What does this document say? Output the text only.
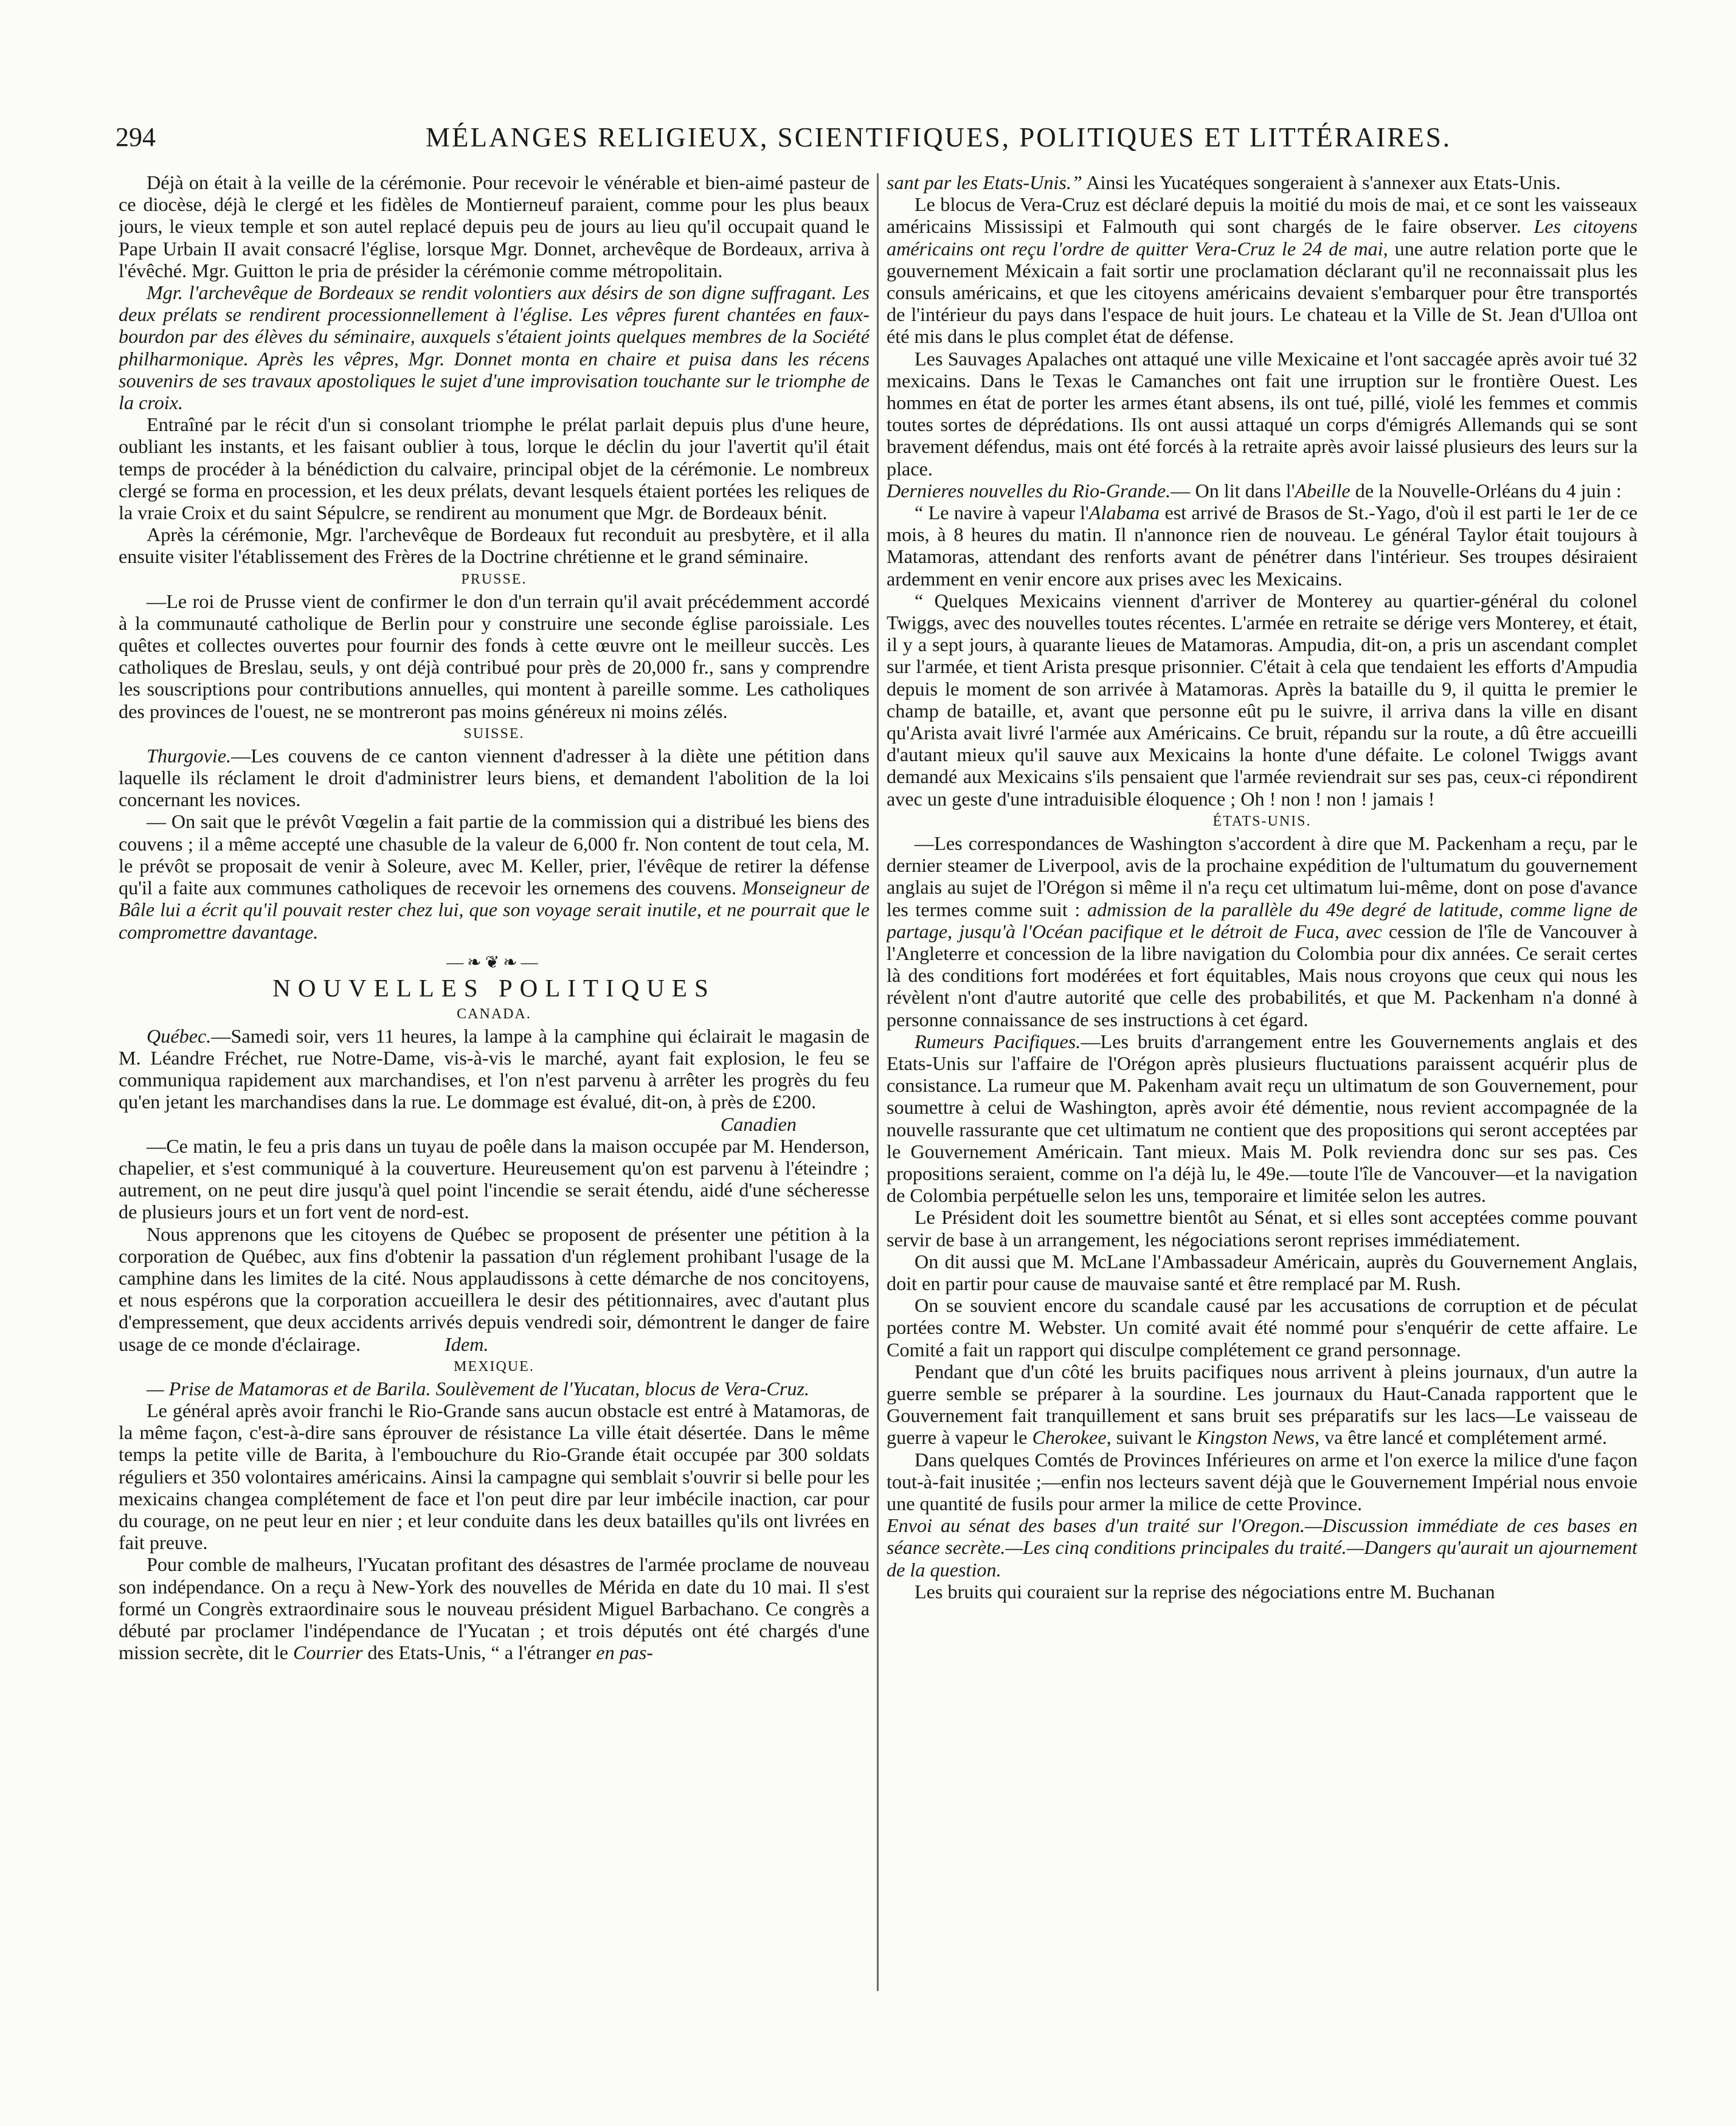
294	MÉLANGES RELIGIEUX, SCIENTIFIQUES, POLITIQUES ET LITTÉRAIRES.

Déjà on était à la veille de la cérémonie. Pour recevoir le vénérable et bien-aimé pasteur de ce diocèse, déjà le clergé et les fidèles de Montierneuf paraient, comme pour les plus beaux jours, le vieux temple et son autel replacé depuis peu de jours au lieu qu'il occupait quand le Pape Urbain II avait consacré l'église, lorsque Mgr. Donnet, archevêque de Bordeaux, arriva à l'évêché. Mgr. Guitton le pria de présider la cérémonie comme métropolitain.

Mgr. l'archevêque de Bordeaux se rendit volontiers aux désirs de son digne suffragant. Les deux prélats se rendirent processionnellement à l'église. Les vêpres furent chantées en faux-bourdon par des élèves du séminaire, auxquels s'étaient joints quelques membres de la Société philharmonique. Après les vêpres, Mgr. Donnet monta en chaire et puisa dans les récens souvenirs de ses travaux apostoliques le sujet d'une improvisation touchante sur le triomphe de la croix.

Entraîné par le récit d'un si consolant triomphe le prélat parlait depuis plus d'une heure, oubliant les instants, et les faisant oublier à tous, lorque le déclin du jour l'avertit qu'il était temps de procéder à la bénédiction du calvaire, principal objet de la cérémonie. Le nombreux clergé se forma en procession, et les deux prélats, devant lesquels étaient portées les reliques de la vraie Croix et du saint Sépulcre, se rendirent au monument que Mgr. de Bordeaux bénit.

Après la cérémonie, Mgr. l'archevêque de Bordeaux fut reconduit au presbytère, et il alla ensuite visiter l'établissement des Frères de la Doctrine chrétienne et le grand séminaire.

PRUSSE.

—Le roi de Prusse vient de confirmer le don d'un terrain qu'il avait précédemment accordé à la communauté catholique de Berlin pour y construire une seconde église paroissiale. Les quêtes et collectes ouvertes pour fournir des fonds à cette œuvre ont le meilleur succès. Les catholiques de Breslau, seuls, y ont déjà contribué pour près de 20,000 fr., sans y comprendre les souscriptions pour contributions annuelles, qui montent à pareille somme. Les catholiques des provinces de l'ouest, ne se montreront pas moins généreux ni moins zélés.

SUISSE.

Thurgovie.—Les couvens de ce canton viennent d'adresser à la diète une pétition dans laquelle ils réclament le droit d'administrer leurs biens, et demandent l'abolition de la loi concernant les novices.

— On sait que le prévôt Vœgelin a fait partie de la commission qui a distribué les biens des couvens ; il a même accepté une chasuble de la valeur de 6,000 fr. Non content de tout cela, M. le prévôt se proposait de venir à Soleure, avec M. Keller, prier, l'évêque de retirer la défense qu'il a faite aux communes catholiques de recevoir les ornemens des couvens. Monseigneur de Bâle lui a écrit qu'il pouvait rester chez lui, que son voyage serait inutile, et ne pourrait que le compromettre davantage.

—❧❦❧—
NOUVELLES POLITIQUES
CANADA.

Québec.—Samedi soir, vers 11 heures, la lampe à la camphine qui éclairait le magasin de M. Léandre Fréchet, rue Notre-Dame, vis-à-vis le marché, ayant fait explosion, le feu se communiqua rapidement aux marchandises, et l'on n'est parvenu à arrêter les progrès du feu qu'en jetant les marchandises dans la rue. Le dommage est évalué, dit-on, à près de £200.

Canadien

—Ce matin, le feu a pris dans un tuyau de poêle dans la maison occupée par M. Henderson, chapelier, et s'est communiqué à la couverture. Heureusement qu'on est parvenu à l'éteindre ; autrement, on ne peut dire jusqu'à quel point l'incendie se serait étendu, aidé d'une sécheresse de plusieurs jours et un fort vent de nord-est.

Nous apprenons que les citoyens de Québec se proposent de présenter une pétition à la corporation de Québec, aux fins d'obtenir la passation d'un réglement prohibant l'usage de la camphine dans les limites de la cité. Nous applaudissons à cette démarche de nos concitoyens, et nous espérons que la corporation accueillera le desir des pétitionnaires, avec d'autant plus d'empressement, que deux accidents arrivés depuis vendredi soir, démontrent le danger de faire usage de ce monde d'éclairage.	Idem.

MEXIQUE.

— Prise de Matamoras et de Barila. Soulèvement de l'Yucatan, blocus de Vera-Cruz.

Le général après avoir franchi le Rio-Grande sans aucun obstacle est entré à Matamoras, de la même façon, c'est-à-dire sans éprouver de résistance La ville était désertée. Dans le même temps la petite ville de Barita, à l'embouchure du Rio-Grande était occupée par 300 soldats réguliers et 350 volontaires américains. Ainsi la campagne qui semblait s'ouvrir si belle pour les mexicains changea complétement de face et l'on peut dire par leur imbécile inaction, car pour du courage, on ne peut leur en nier ; et leur conduite dans les deux batailles qu'ils ont livrées en fait preuve.

Pour comble de malheurs, l'Yucatan profitant des désastres de l'armée proclame de nouveau son indépendance. On a reçu à New-York des nouvelles de Mérida en date du 10 mai. Il s'est formé un Congrès extraordinaire sous le nouveau président Miguel Barbachano. Ce congrès a débuté par proclamer l'indépendance de l'Yucatan ; et trois députés ont été chargés d'une mission secrète, dit le Courrier des Etats-Unis, “ a l'étranger en pas-

sant par les Etats-Unis.” Ainsi les Yucatéques songeraient à s'annexer aux Etats-Unis.

Le blocus de Vera-Cruz est déclaré depuis la moitié du mois de mai, et ce sont les vaisseaux américains Mississipi et Falmouth qui sont chargés de le faire observer. Les citoyens américains ont reçu l'ordre de quitter Vera-Cruz le 24 de mai, une autre relation porte que le gouvernement Méxicain a fait sortir une proclamation déclarant qu'il ne reconnaissait plus les consuls américains, et que les citoyens américains devaient s'embarquer pour être transportés de l'intérieur du pays dans l'espace de huit jours. Le chateau et la Ville de St. Jean d'Ulloa ont été mis dans le plus complet état de défense.

Les Sauvages Apalaches ont attaqué une ville Mexicaine et l'ont saccagée après avoir tué 32 mexicains. Dans le Texas le Camanches ont fait une irruption sur le frontière Ouest. Les hommes en état de porter les armes étant absens, ils ont tué, pillé, violé les femmes et commis toutes sortes de déprédations. Ils ont aussi attaqué un corps d'émigrés Allemands qui se sont bravement défendus, mais ont été forcés à la retraite après avoir laissé plusieurs des leurs sur la place.

Dernieres nouvelles du Rio-Grande.— On lit dans l'Abeille de la Nouvelle-Orléans du 4 juin :

“ Le navire à vapeur l'Alabama est arrivé de Brasos de St.-Yago, d'où il est parti le 1er de ce mois, à 8 heures du matin. Il n'annonce rien de nouveau. Le général Taylor était toujours à Matamoras, attendant des renforts avant de pénétrer dans l'intérieur. Ses troupes désiraient ardemment en venir encore aux prises avec les Mexicains.

“ Quelques Mexicains viennent d'arriver de Monterey au quartier-général du colonel Twiggs, avec des nouvelles toutes récentes. L'armée en retraite se dérige vers Monterey, et était, il y a sept jours, à quarante lieues de Matamoras. Ampudia, dit-on, a pris un ascendant complet sur l'armée, et tient Arista presque prisonnier. C'était à cela que tendaient les efforts d'Ampudia depuis le moment de son arrivée à Matamoras. Après la bataille du 9, il quitta le premier le champ de bataille, et, avant que personne eût pu le suivre, il arriva dans la ville en disant qu'Arista avait livré l'armée aux Américains. Ce bruit, répandu sur la route, a dû être accueilli d'autant mieux qu'il sauve aux Mexicains la honte d'une défaite. Le colonel Twiggs avant demandé aux Mexicains s'ils pensaient que l'armée reviendrait sur ses pas, ceux-ci répondirent avec un geste d'une intraduisible éloquence ; Oh ! non ! non ! jamais !

ÉTATS-UNIS.

—Les correspondances de Washington s'accordent à dire que M. Packenham a reçu, par le dernier steamer de Liverpool, avis de la prochaine expédition de l'ultumatum du gouvernement anglais au sujet de l'Orégon si même il n'a reçu cet ultimatum lui-même, dont on pose d'avance les termes comme suit : admission de la parallèle du 49e degré de latitude, comme ligne de partage, jusqu'à l'Océan pacifique et le détroit de Fuca, avec cession de l'île de Vancouver à l'Angleterre et concession de la libre navigation du Colombia pour dix années. Ce serait certes là des conditions fort modérées et fort équitables, Mais nous croyons que ceux qui nous les révèlent n'ont d'autre autorité que celle des probabilités, et que M. Packenham n'a donné à personne connaissance de ses instructions à cet égard.

Rumeurs Pacifiques.—Les bruits d'arrangement entre les Gouvernements anglais et des Etats-Unis sur l'affaire de l'Orégon après plusieurs fluctuations paraissent acquérir plus de consistance. La rumeur que M. Pakenham avait reçu un ultimatum de son Gouvernement, pour soumettre à celui de Washington, après avoir été démentie, nous revient accompagnée de la nouvelle rassurante que cet ultimatum ne contient que des propositions qui seront acceptées par le Gouvernement Américain. Tant mieux. Mais M. Polk reviendra donc sur ses pas. Ces propositions seraient, comme on l'a déjà lu, le 49e.—toute l'île de Vancouver—et la navigation de Colombia perpétuelle selon les uns, temporaire et limitée selon les autres.

Le Président doit les soumettre bientôt au Sénat, et si elles sont acceptées comme pouvant servir de base à un arrangement, les négociations seront reprises immédiatement.

On dit aussi que M. McLane l'Ambassadeur Américain, auprès du Gouvernement Anglais, doit en partir pour cause de mauvaise santé et être remplacé par M. Rush.

On se souvient encore du scandale causé par les accusations de corruption et de péculat portées contre M. Webster. Un comité avait été nommé pour s'enquérir de cette affaire. Le Comité a fait un rapport qui disculpe complétement ce grand personnage.

Pendant que d'un côté les bruits pacifiques nous arrivent à pleins journaux, d'un autre la guerre semble se préparer à la sourdine. Les journaux du Haut-Canada rapportent que le Gouvernement fait tranquillement et sans bruit ses préparatifs sur les lacs—Le vaisseau de guerre à vapeur le Cherokee, suivant le Kingston News, va être lancé et complétement armé.

Dans quelques Comtés de Provinces Inférieures on arme et l'on exerce la milice d'une façon tout-à-fait inusitée ;—enfin nos lecteurs savent déjà que le Gouvernement Impérial nous envoie une quantité de fusils pour armer la milice de cette Province.

Envoi au sénat des bases d'un traité sur l'Oregon.—Discussion immédiate de ces bases en séance secrète.—Les cinq conditions principales du traité.—Dangers qu'aurait un ajournement de la question.

Les bruits qui couraient sur la reprise des négociations entre M. Buchanan
